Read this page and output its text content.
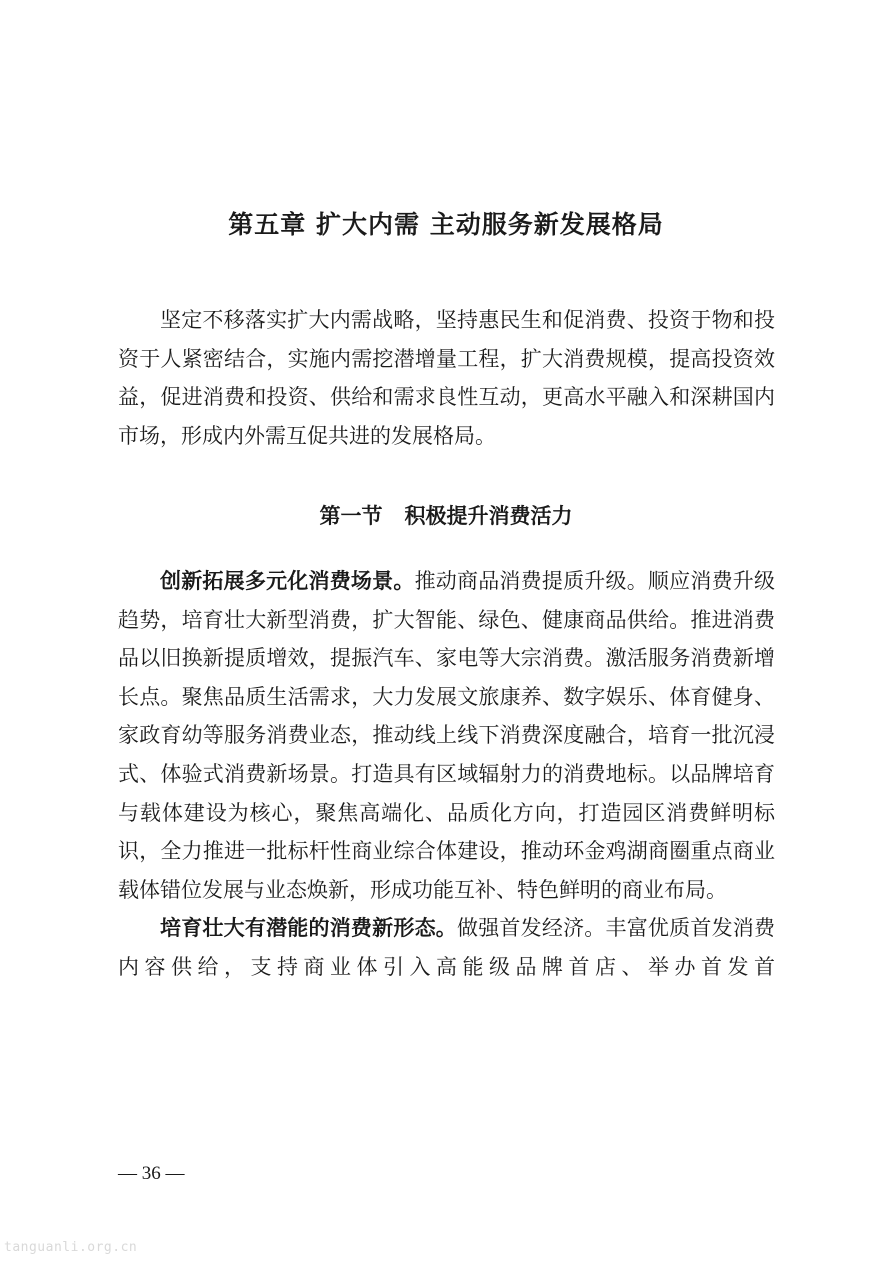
第五章 扩大内需 主动服务新发展格局

坚定不移落实扩大内需战略，坚持惠民生和促消费、投资于物和投资于人紧密结合，实施内需挖潜增量工程，扩大消费规模，提高投资效益，促进消费和投资、供给和需求良性互动，更高水平融入和深耕国内市场，形成内外需互促共进的发展格局。

第一节 积极提升消费活力

创新拓展多元化消费场景。推动商品消费提质升级。顺应消费升级趋势，培育壮大新型消费，扩大智能、绿色、健康商品供给。推进消费品以旧换新提质增效，提振汽车、家电等大宗消费。激活服务消费新增长点。聚焦品质生活需求，大力发展文旅康养、数字娱乐、体育健身、家政育幼等服务消费业态，推动线上线下消费深度融合，培育一批沉浸式、体验式消费新场景。打造具有区域辐射力的消费地标。以品牌培育与载体建设为核心，聚焦高端化、品质化方向，打造园区消费鲜明标识，全力推进一批标杆性商业综合体建设，推动环金鸡湖商圈重点商业载体错位发展与业态焕新，形成功能互补、特色鲜明的商业布局。

培育壮大有潜能的消费新形态。做强首发经济。丰富优质首发消费内容供给，支持商业体引入高能级品牌首店、举办首发首

— 36 —
tanguanli.org.cn
